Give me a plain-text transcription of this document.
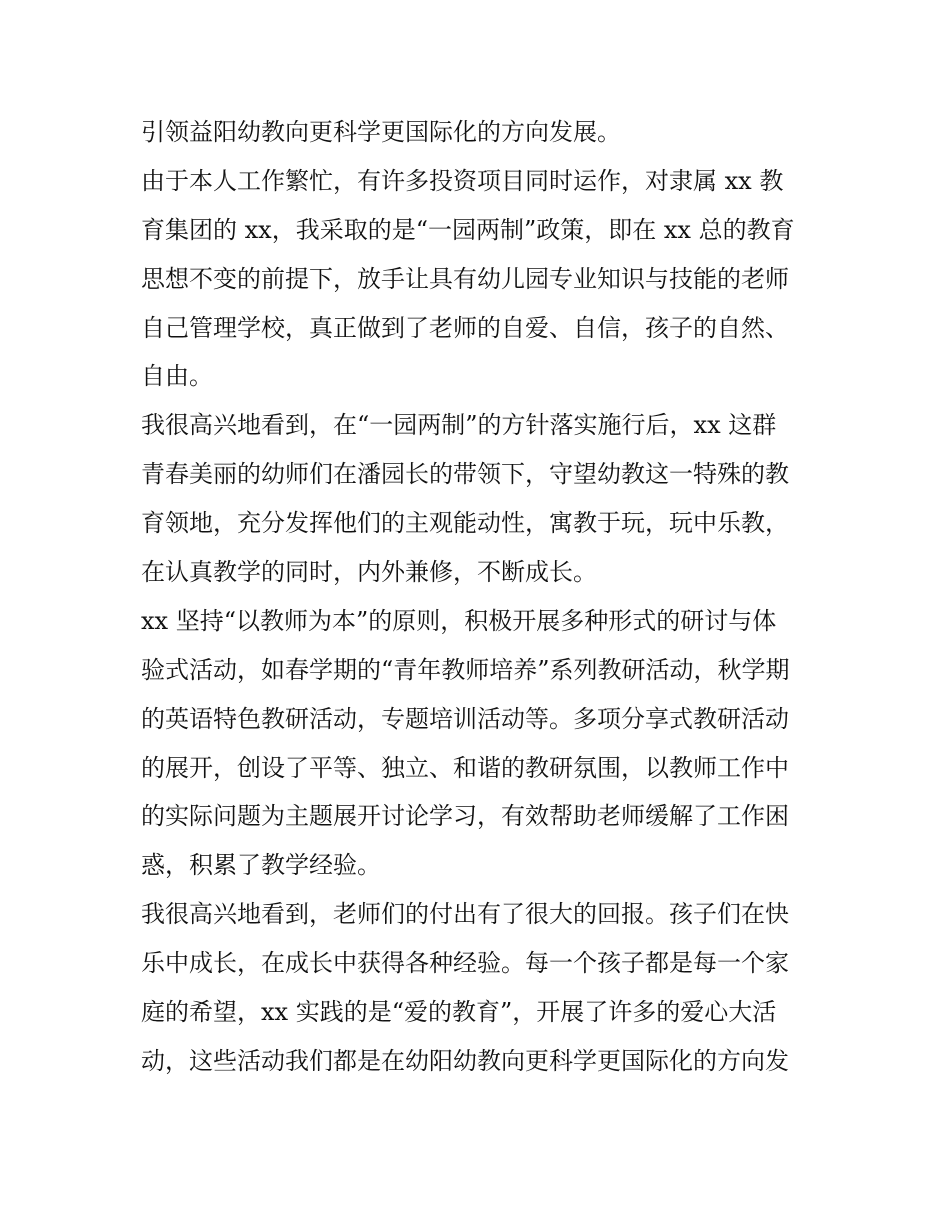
引领益阳幼教向更科学更国际化的方向发展。
由于本人工作繁忙，有许多投资项目同时运作，对隶属 xx 教
育集团的 xx，我采取的是“一园两制”政策，即在 xx 总的教育
思想不变的前提下，放手让具有幼儿园专业知识与技能的老师
自己管理学校，真正做到了老师的自爱、自信，孩子的自然、
自由。
我很高兴地看到，在“一园两制”的方针落实施行后，xx 这群
青春美丽的幼师们在潘园长的带领下，守望幼教这一特殊的教
育领地，充分发挥他们的主观能动性，寓教于玩，玩中乐教，
在认真教学的同时，内外兼修，不断成长。
xx 坚持“以教师为本”的原则，积极开展多种形式的研讨与体
验式活动，如春学期的“青年教师培养”系列教研活动，秋学期
的英语特色教研活动，专题培训活动等。多项分享式教研活动
的展开，创设了平等、独立、和谐的教研氛围，以教师工作中
的实际问题为主题展开讨论学习，有效帮助老师缓解了工作困
惑，积累了教学经验。
我很高兴地看到，老师们的付出有了很大的回报。孩子们在快
乐中成长，在成长中获得各种经验。每一个孩子都是每一个家
庭的希望，xx 实践的是“爱的教育”，开展了许多的爱心大活
动，这些活动我们都是在幼阳幼教向更科学更国际化的方向发
